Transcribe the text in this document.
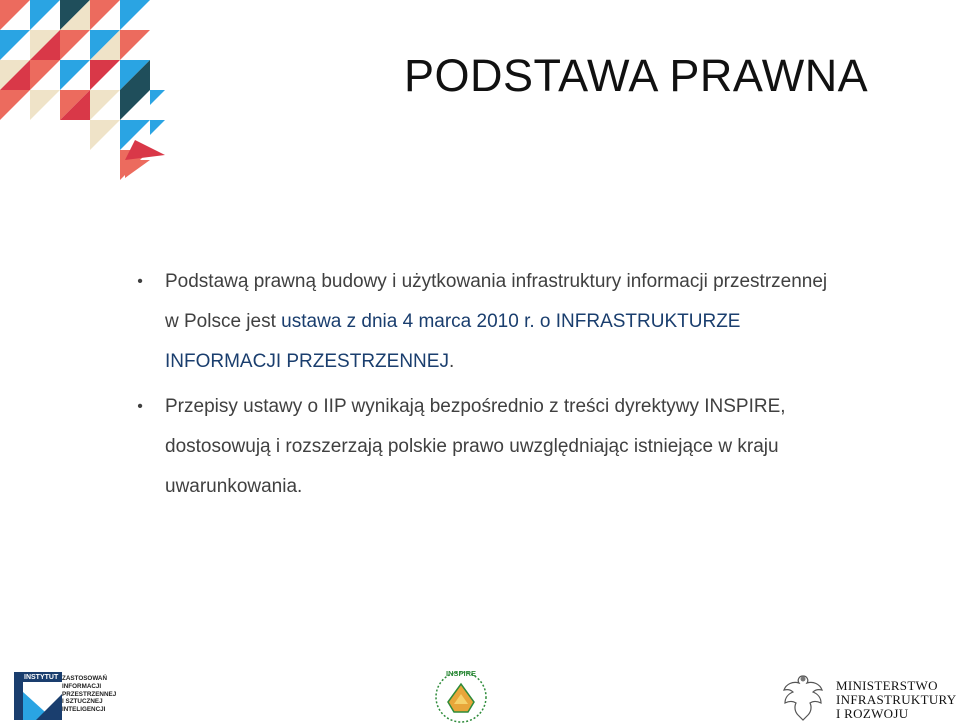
PODSTAWA PRAWNA
• Podstawą prawną budowy i użytkowania infrastruktury informacji przestrzennej w Polsce jest ustawa z dnia 4 marca 2010 r. o INFRASTRUKTURZE INFORMACJI PRZESTRZENNEJ.
• Przepisy ustawy o IIP wynikają bezpośrednio z treści dyrektywy INSPIRE, dostosowują i rozszerzają polskie prawo uwzględniając istniejące w kraju uwarunkowania.
INSTYTUT ZASTOSOWAŃ
INFORMACJI
PRZESTRZENNEJ
I SZTUCZNEJ
INTELIGENCJI
INSPIRE
MINISTERSTWO
INFRASTRUKTURY
I ROZWOJU
